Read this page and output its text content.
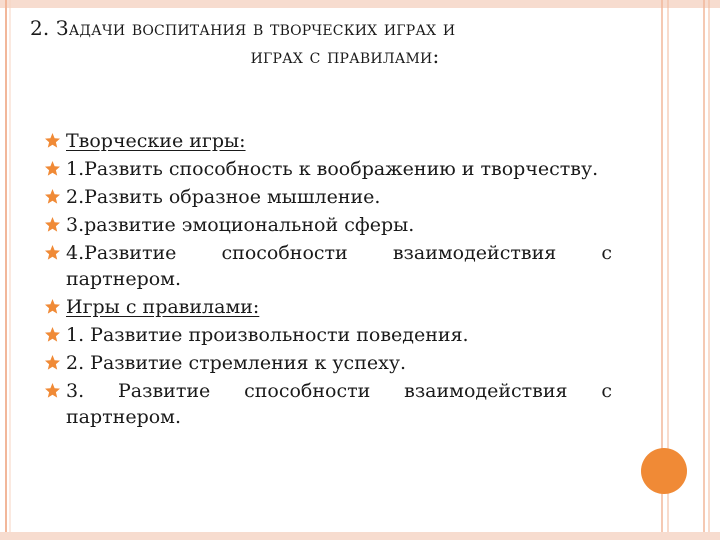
2. Задачи воспитания в творческих играх и
играх с правилами:
Творческие игры:
1.Развить способность к воображению и творчеству.
2.Развить образное мышление.
3.развитие эмоциональной сферы.
4.Развитие способности взаимодействия с партнером.
Игры с правилами:
1. Развитие произвольности поведения.
2. Развитие стремления к успеху.
3. Развитие способности взаимодействия с партнером.
